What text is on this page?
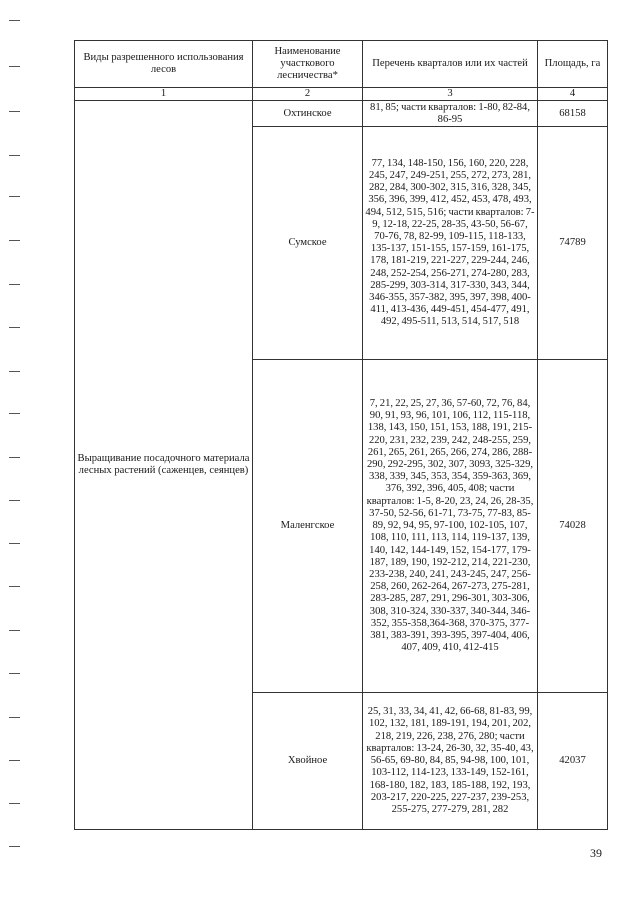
Виды разрешенного использования лесов	Наименование участкового лесничества*	Перечень кварталов или их частей	Площадь, га
1	2	3	4
Выращивание посадочного материала лесных растений (саженцев, сеянцев)	Охтинское	81, 85; части кварталов: 1-80, 82-84, 86-95	68158
	Сумское	77, 134, 148-150, 156, 160, 220, 228, 245, 247, 249-251, 255, 272, 273, 281, 282, 284, 300-302, 315, 316, 328, 345, 356, 396, 399, 412, 452, 453, 478, 493, 494, 512, 515, 516; части кварталов: 7-9, 12-18, 22-25, 28-35, 43-50, 56-67, 70-76, 78, 82-99, 109-115, 118-133, 135-137, 151-155, 157-159, 161-175, 178, 181-219, 221-227, 229-244, 246, 248, 252-254, 256-271, 274-280, 283, 285-299, 303-314, 317-330, 343, 344, 346-355, 357-382, 395, 397, 398, 400-411, 413-436, 449-451, 454-477, 491, 492, 495-511, 513, 514, 517, 518	74789
	Маленгское	7, 21, 22, 25, 27, 36, 57-60, 72, 76, 84, 90, 91, 93, 96, 101, 106, 112, 115-118, 138, 143, 150, 151, 153, 188, 191, 215-220, 231, 232, 239, 242, 248-255, 259, 261, 265, 261, 265, 266, 274, 286, 288-290, 292-295, 302, 307, 3093, 325-329, 338, 339, 345, 353, 354, 359-363, 369, 376, 392, 396, 405, 408; части кварталов: 1-5, 8-20, 23, 24, 26, 28-35, 37-50, 52-56, 61-71, 73-75, 77-83, 85-89, 92, 94, 95, 97-100, 102-105, 107, 108, 110, 111, 113, 114, 119-137, 139, 140, 142, 144-149, 152, 154-177, 179-187, 189, 190, 192-212, 214, 221-230, 233-238, 240, 241, 243-245, 247, 256-258, 260, 262-264, 267-273, 275-281, 283-285, 287, 291, 296-301, 303-306, 308, 310-324, 330-337, 340-344, 346-352, 355-358,364-368, 370-375, 377-381, 383-391, 393-395, 397-404, 406, 407, 409, 410, 412-415	74028
	Хвойное	25, 31, 33, 34, 41, 42, 66-68, 81-83, 99, 102, 132, 181, 189-191, 194, 201, 202, 218, 219, 226, 238, 276, 280; части кварталов: 13-24, 26-30, 32, 35-40, 43, 56-65, 69-80, 84, 85, 94-98, 100, 101, 103-112, 114-123, 133-149, 152-161, 168-180, 182, 183, 185-188, 192, 193, 203-217, 220-225, 227-237, 239-253, 255-275, 277-279, 281, 282	42037
39
